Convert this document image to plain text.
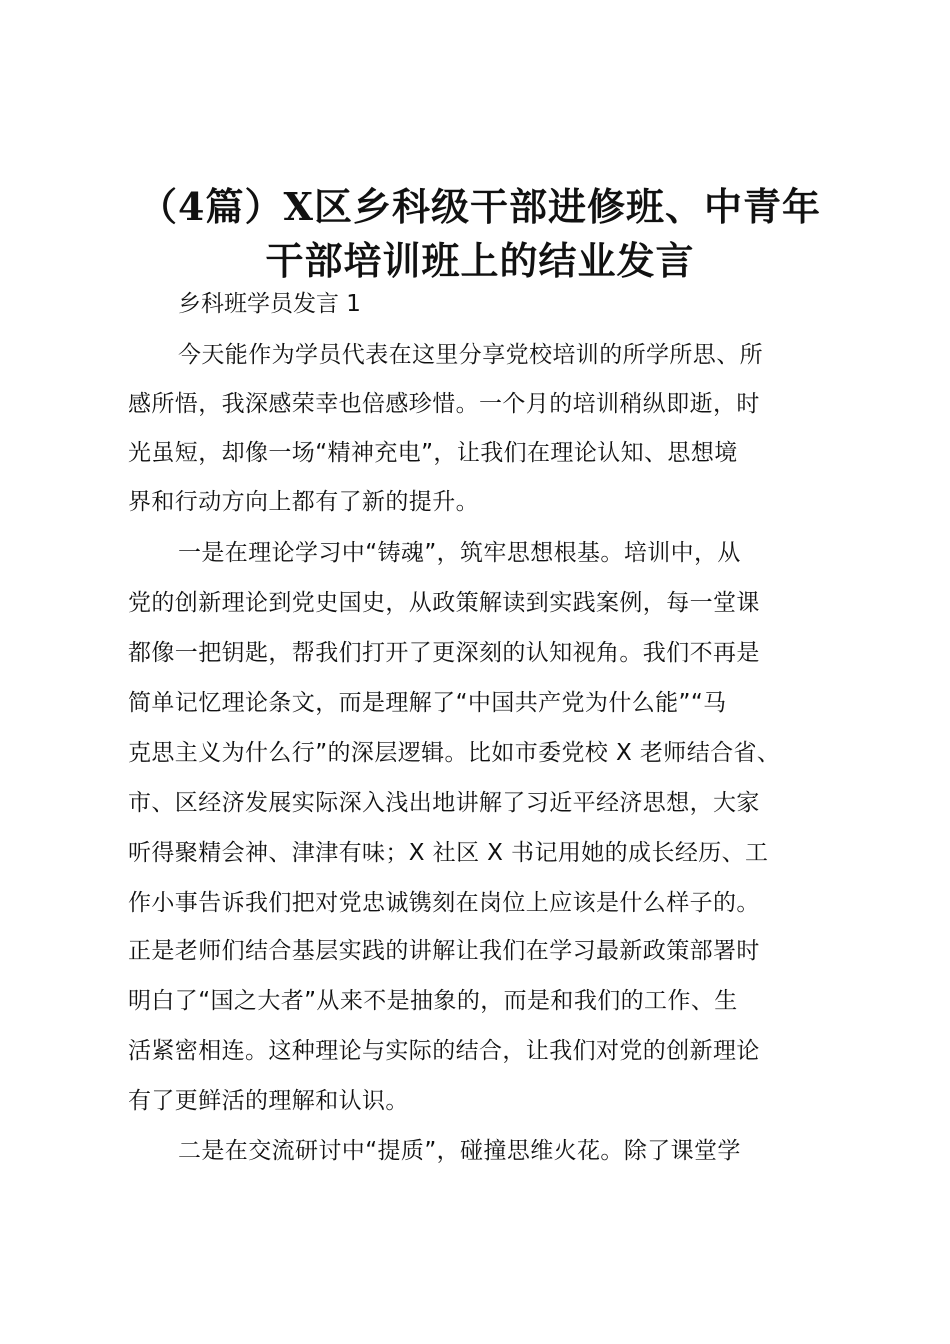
（4篇）X区乡科级干部进修班、中青年
干部培训班上的结业发言

乡科班学员发言 1

今天能作为学员代表在这里分享党校培训的所学所思、所

感所悟，我深感荣幸也倍感珍惜。一个月的培训稍纵即逝，时

光虽短，却像一场“精神充电”，让我们在理论认知、思想境

界和行动方向上都有了新的提升。

一是在理论学习中“铸魂”，筑牢思想根基。培训中，从

党的创新理论到党史国史，从政策解读到实践案例，每一堂课

都像一把钥匙，帮我们打开了更深刻的认知视角。我们不再是

简单记忆理论条文，而是理解了“中国共产党为什么能”“马

克思主义为什么行”的深层逻辑。比如市委党校 X 老师结合省、

市、区经济发展实际深入浅出地讲解了习近平经济思想，大家

听得聚精会神、津津有味；X 社区 X 书记用她的成长经历、工

作小事告诉我们把对党忠诚镌刻在岗位上应该是什么样子的。

正是老师们结合基层实践的讲解让我们在学习最新政策部署时

明白了“国之大者”从来不是抽象的，而是和我们的工作、生

活紧密相连。这种理论与实际的结合，让我们对党的创新理论

有了更鲜活的理解和认识。

二是在交流研讨中“提质”，碰撞思维火花。除了课堂学
